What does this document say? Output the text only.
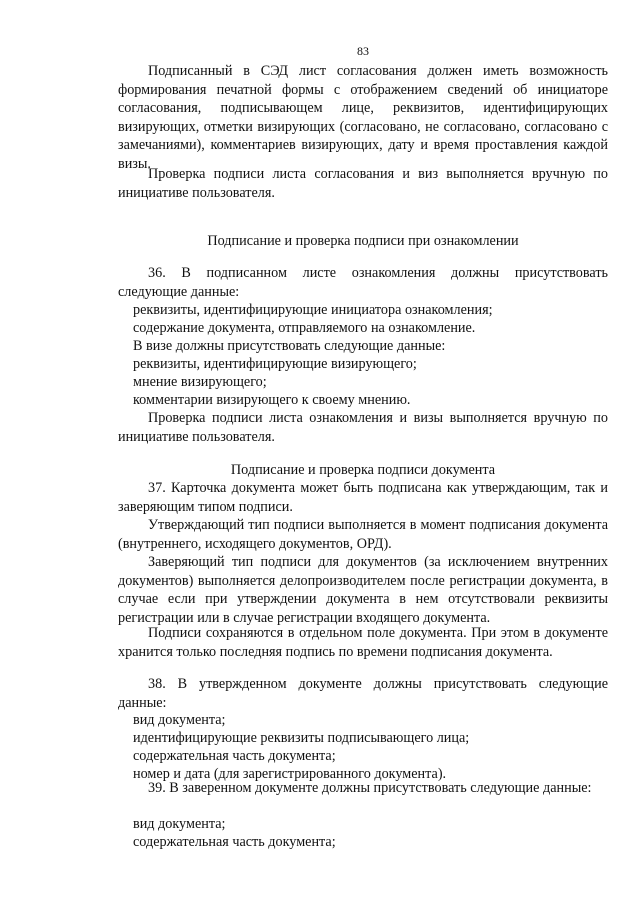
83
Подписанный в СЭД лист согласования должен иметь возможность формирования печатной формы с отображением сведений об инициаторе согласования, подписывающем лице, реквизитов, идентифицирующих визирующих, отметки визирующих (согласовано, не согласовано, согласовано с замечаниями), комментариев визирующих, дату и время проставления каждой визы.
Проверка подписи листа согласования и виз выполняется вручную по инициативе пользователя.
Подписание и проверка подписи при ознакомлении
36. В подписанном листе ознакомления должны присутствовать следующие данные:
реквизиты, идентифицирующие инициатора ознакомления;
содержание документа, отправляемого на ознакомление.
В визе должны присутствовать следующие данные:
реквизиты, идентифицирующие визирующего;
мнение визирующего;
комментарии визирующего к своему мнению.
Проверка подписи листа ознакомления и визы выполняется вручную по инициативе пользователя.
Подписание и проверка подписи документа
37. Карточка документа может быть подписана как утверждающим, так и заверяющим типом подписи.
Утверждающий тип подписи выполняется в момент подписания документа (внутреннего, исходящего документов, ОРД).
Заверяющий тип подписи для документов (за исключением внутренних документов) выполняется делопроизводителем после регистрации документа, в случае если при утверждении документа в нем отсутствовали реквизиты регистрации или в случае регистрации входящего документа.
Подписи сохраняются в отдельном поле документа. При этом в документе хранится только последняя подпись по времени подписания документа.
38. В утвержденном документе должны присутствовать следующие данные:
вид документа;
идентифицирующие реквизиты подписывающего лица;
содержательная часть документа;
номер и дата (для зарегистрированного документа).
39. В заверенном документе должны присутствовать следующие данные:
вид документа;
содержательная часть документа;
